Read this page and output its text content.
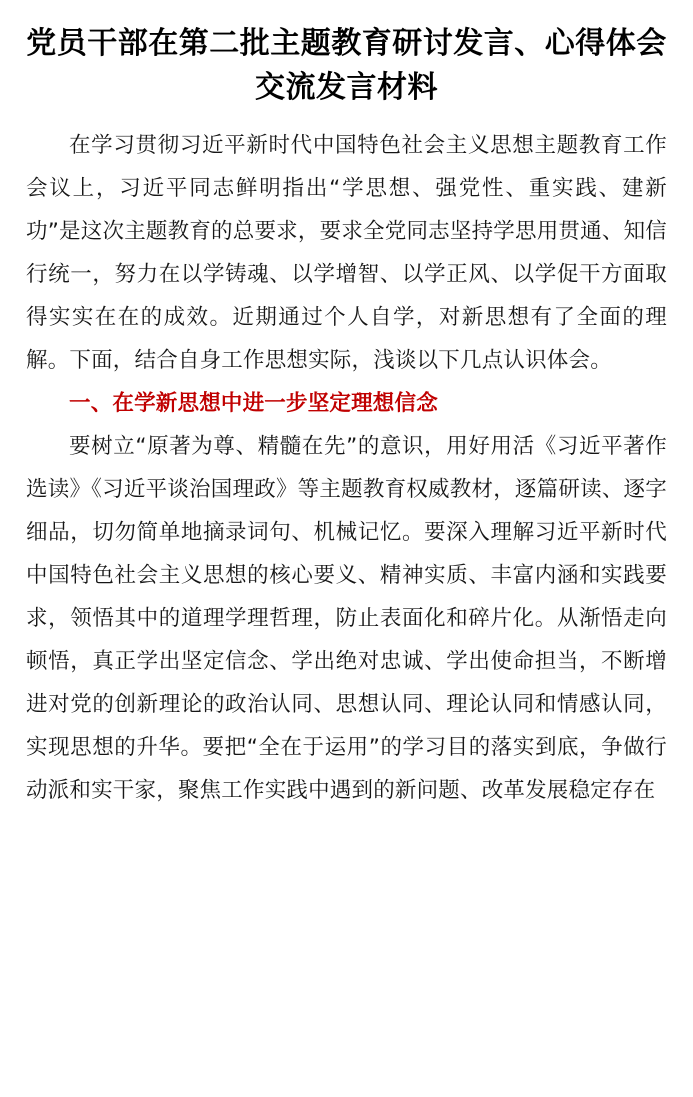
党员干部在第二批主题教育研讨发言、心得体会交流发言材料

在学习贯彻习近平新时代中国特色社会主义思想主题教育工作会议上，习近平同志鲜明指出“学思想、强党性、重实践、建新功”是这次主题教育的总要求，要求全党同志坚持学思用贯通、知信行统一，努力在以学铸魂、以学增智、以学正风、以学促干方面取得实实在在的成效。近期通过个人自学，对新思想有了全面的理解。下面，结合自身工作思想实际，浅谈以下几点认识体会。

一、在学新思想中进一步坚定理想信念

要树立“原著为尊、精髓在先”的意识，用好用活《习近平著作选读》《习近平谈治国理政》等主题教育权威教材，逐篇研读、逐字细品，切勿简单地摘录词句、机械记忆。要深入理解习近平新时代中国特色社会主义思想的核心要义、精神实质、丰富内涵和实践要求，领悟其中的道理学理哲理，防止表面化和碎片化。从渐悟走向顿悟，真正学出坚定信念、学出绝对忠诚、学出使命担当，不断增进对党的创新理论的政治认同、思想认同、理论认同和情感认同，实现思想的升华。要把“全在于运用”的学习目的落实到底，争做行动派和实干家，聚焦工作实践中遇到的新问题、改革发展稳定存在
